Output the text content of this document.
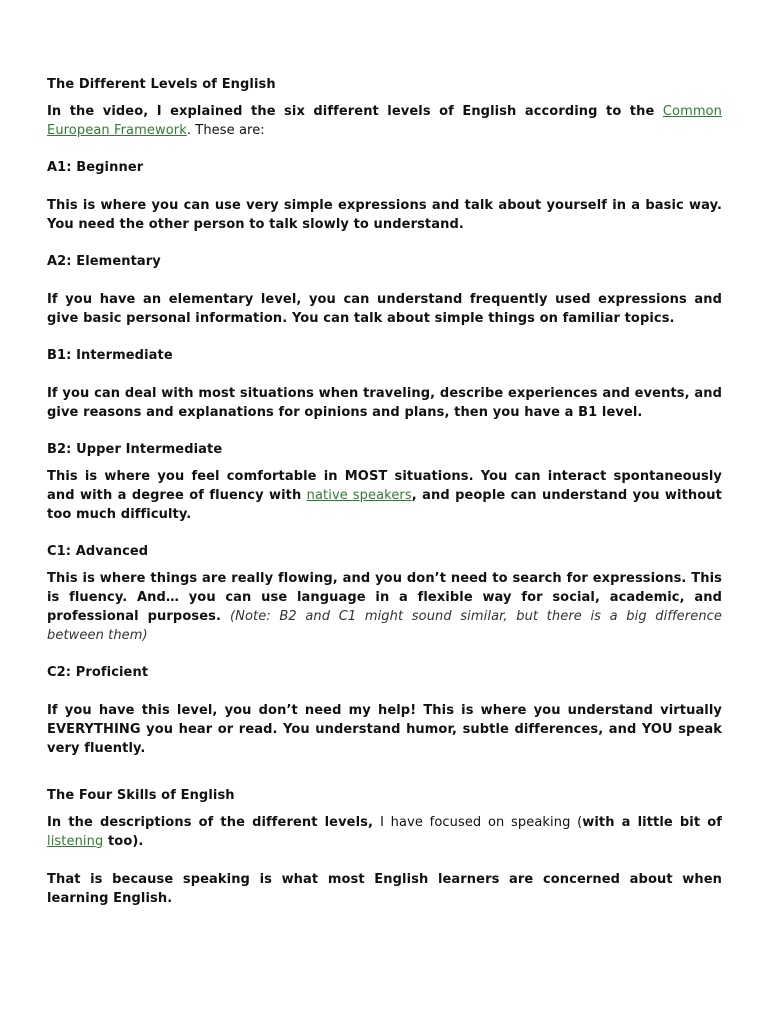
The Different Levels of English
In the video, I explained the six different levels of English according to the Common European Framework. These are:
A1: Beginner
This is where you can use very simple expressions and talk about yourself in a basic way. You need the other person to talk slowly to understand.
A2: Elementary
If you have an elementary level, you can understand frequently used expressions and give basic personal information. You can talk about simple things on familiar topics.
B1: Intermediate
If you can deal with most situations when traveling, describe experiences and events, and give reasons and explanations for opinions and plans, then you have a B1 level.
B2: Upper Intermediate
This is where you feel comfortable in MOST situations. You can interact spontaneously and with a degree of fluency with native speakers, and people can understand you without too much difficulty.
C1: Advanced
This is where things are really flowing, and you don’t need to search for expressions. This is fluency. And… you can use language in a flexible way for social, academic, and professional purposes. (Note: B2 and C1 might sound similar, but there is a big difference between them)
C2: Proficient
If you have this level, you don’t need my help! This is where you understand virtually EVERYTHING you hear or read. You understand humor, subtle differences, and YOU speak very fluently.
The Four Skills of English
In the descriptions of the different levels, I have focused on speaking (with a little bit of listening too).
That is because speaking is what most English learners are concerned about when learning English.
